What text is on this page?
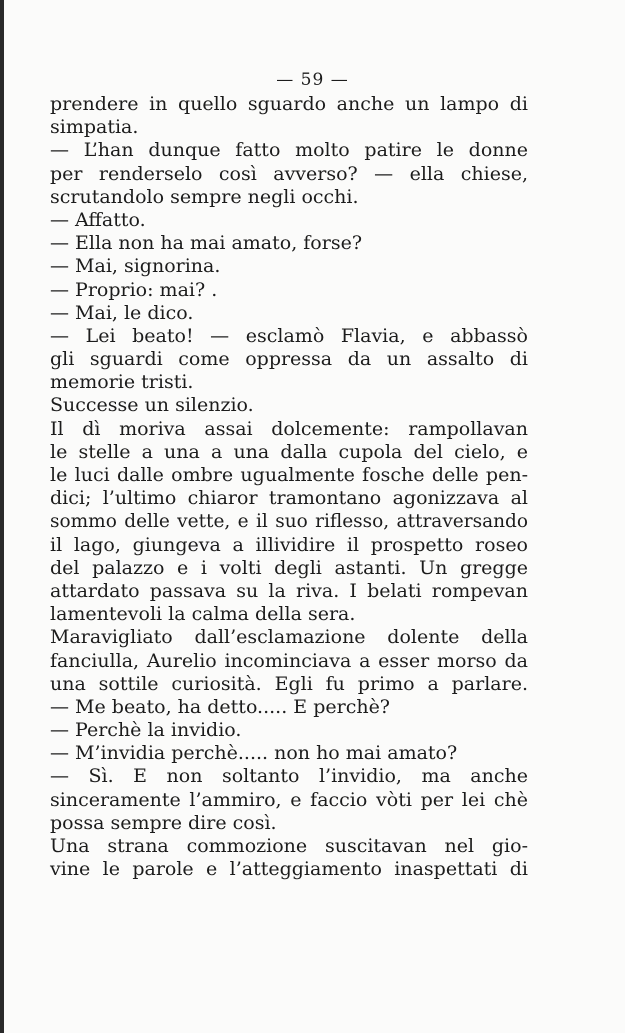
— 59 —
prendere in quello sguardo anche un lampo di
simpatia.
— L’han dunque fatto molto patire le donne
per renderselo così avverso? — ella chiese,
scrutandolo sempre negli occhi.
— Affatto.
— Ella non ha mai amato, forse?
— Mai, signorina.
— Proprio: mai? .
— Mai, le dico.
— Lei beato! — esclamò Flavia, e abbassò
gli sguardi come oppressa da un assalto di
memorie tristi.
Successe un silenzio.
Il dì moriva assai dolcemente: rampollavan
le stelle a una a una dalla cupola del cielo, e
le luci dalle ombre ugualmente fosche delle pen-
dici; l’ultimo chiaror tramontano agonizzava al
sommo delle vette, e il suo riflesso, attraversando
il lago, giungeva a illividire il prospetto roseo
del palazzo e i volti degli astanti. Un gregge
attardato passava su la riva. I belati rompevan
lamentevoli la calma della sera.
Maravigliato dall’esclamazione dolente della
fanciulla, Aurelio incominciava a esser morso da
una sottile curiosità. Egli fu primo a parlare.
— Me beato, ha detto..... E perchè?
— Perchè la invidio.
— M’invidia perchè..... non ho mai amato?
— Sì. E non soltanto l’invidio, ma anche
sinceramente l’ammiro, e faccio vòti per lei chè
possa sempre dire così.
Una strana commozione suscitavan nel gio-
vine le parole e l’atteggiamento inaspettati di
